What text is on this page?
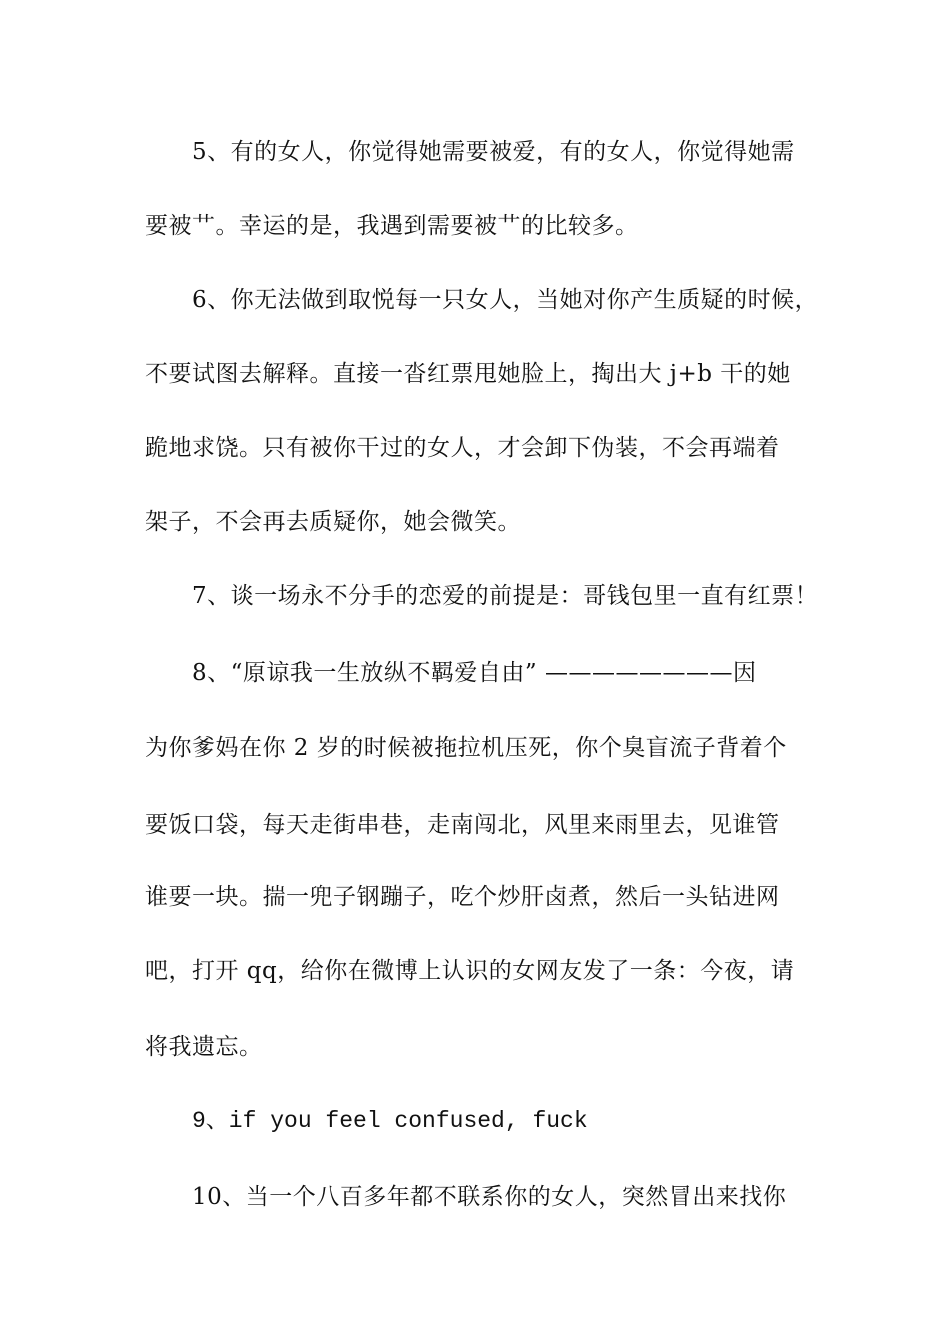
5、有的女人，你觉得她需要被爱，有的女人，你觉得她需
要被艹。幸运的是，我遇到需要被艹的比较多。
6、你无法做到取悦每一只女人，当她对你产生质疑的时候，
不要试图去解释。直接一沓红票甩她脸上，掏出大 j+b 干的她
跪地求饶。只有被你干过的女人，才会卸下伪装，不会再端着
架子，不会再去质疑你，她会微笑。
7、谈一场永不分手的恋爱的前提是：哥钱包里一直有红票！
8、“原谅我一生放纵不羁爱自由” ————————因
为你爹妈在你 2 岁的时候被拖拉机压死，你个臭盲流子背着个
要饭口袋，每天走街串巷，走南闯北，风里来雨里去，见谁管
谁要一块。揣一兜子钢蹦子，吃个炒肝卤煮，然后一头钻进网
吧，打开 qq，给你在微博上认识的女网友发了一条：今夜，请
将我遗忘。
9、if you feel confused, fuck
10、当一个八百多年都不联系你的女人，突然冒出来找你
